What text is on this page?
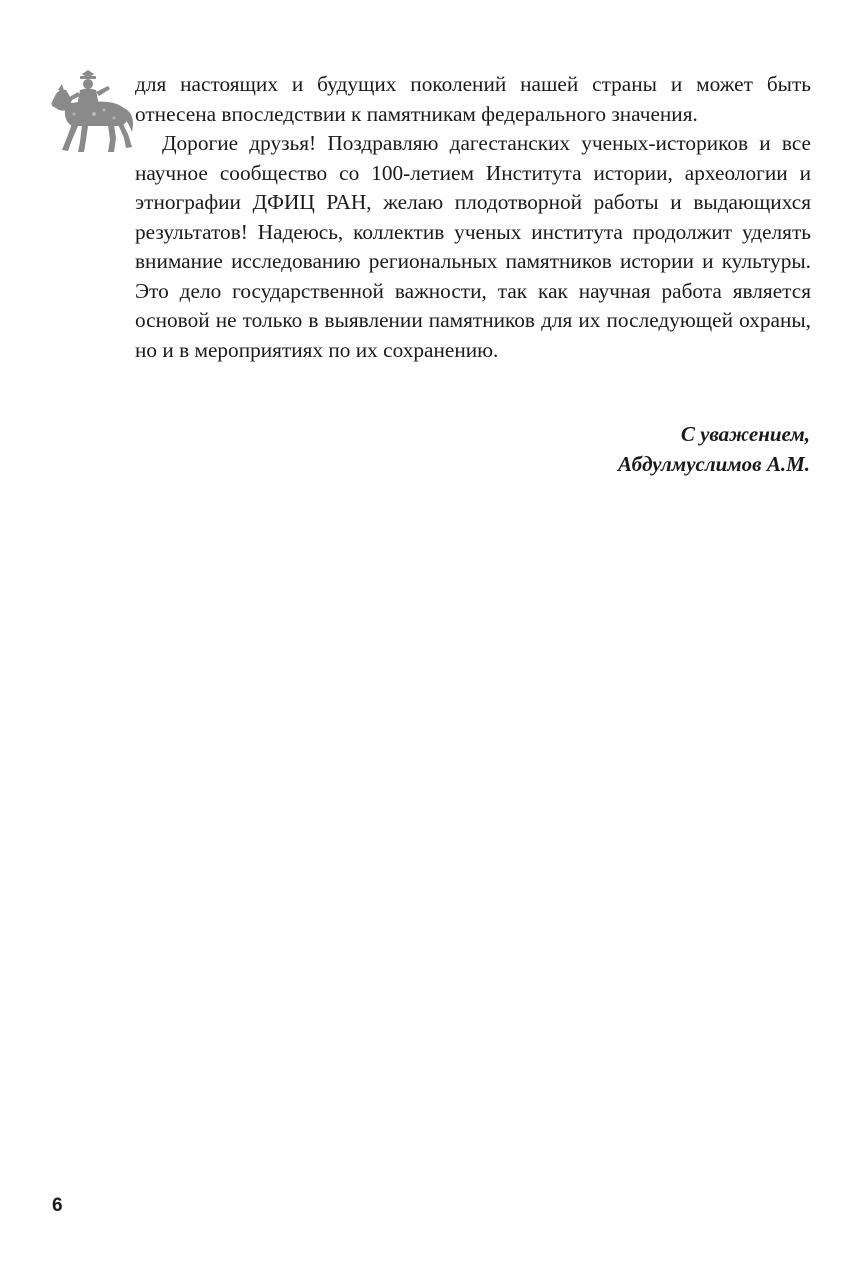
для настоящих и будущих поколений нашей страны и может быть отнесена впоследствии к памятникам федерального значения.

Дорогие друзья! Поздравляю дагестанских ученых-историков и все научное сообщество со 100-летием Института истории, археологии и этнографии ДФИЦ РАН, желаю плодотворной работы и выдающихся результатов! Надеюсь, коллектив ученых института продолжит уделять внимание исследованию региональных памятников истории и культуры. Это дело государственной важности, так как научная работа является основой не только в выявлении памятников для их последующей охраны, но и в мероприятиях по их сохранению.

С уважением,
Абдулмуслимов А.М.
6
